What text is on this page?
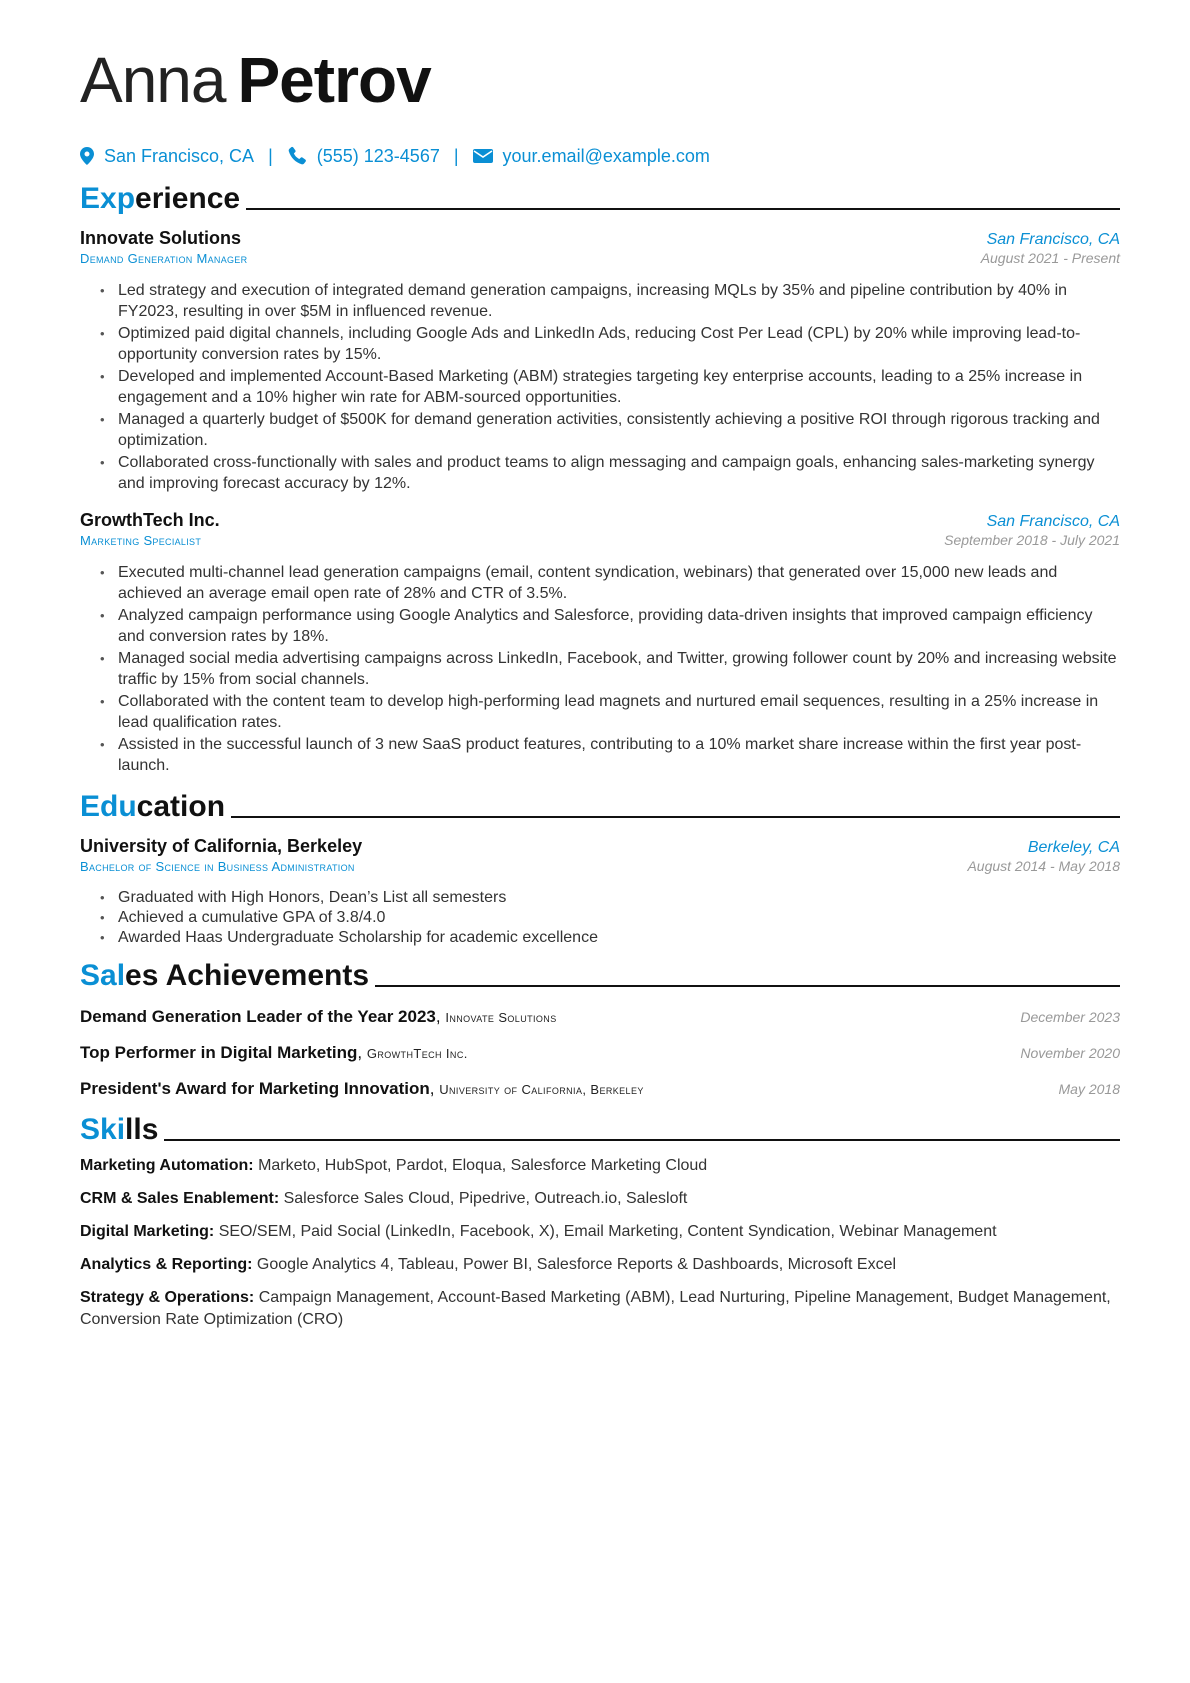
Anna Petrov
San Francisco, CA | (555) 123-4567 | your.email@example.com
Experience
Innovate Solutions	San Francisco, CA
Demand Generation Manager	August 2021 - Present
• Led strategy and execution of integrated demand generation campaigns, increasing MQLs by 35% and pipeline contribution by 40% in FY2023, resulting in over $5M in influenced revenue.
• Optimized paid digital channels, including Google Ads and LinkedIn Ads, reducing Cost Per Lead (CPL) by 20% while improving lead-to-opportunity conversion rates by 15%.
• Developed and implemented Account-Based Marketing (ABM) strategies targeting key enterprise accounts, leading to a 25% increase in engagement and a 10% higher win rate for ABM-sourced opportunities.
• Managed a quarterly budget of $500K for demand generation activities, consistently achieving a positive ROI through rigorous tracking and optimization.
• Collaborated cross-functionally with sales and product teams to align messaging and campaign goals, enhancing sales-marketing synergy and improving forecast accuracy by 12%.
GrowthTech Inc.	San Francisco, CA
Marketing Specialist	September 2018 - July 2021
• Executed multi-channel lead generation campaigns (email, content syndication, webinars) that generated over 15,000 new leads and achieved an average email open rate of 28% and CTR of 3.5%.
• Analyzed campaign performance using Google Analytics and Salesforce, providing data-driven insights that improved campaign efficiency and conversion rates by 18%.
• Managed social media advertising campaigns across LinkedIn, Facebook, and Twitter, growing follower count by 20% and increasing website traffic by 15% from social channels.
• Collaborated with the content team to develop high-performing lead magnets and nurtured email sequences, resulting in a 25% increase in lead qualification rates.
• Assisted in the successful launch of 3 new SaaS product features, contributing to a 10% market share increase within the first year post-launch.
Education
University of California, Berkeley	Berkeley, CA
Bachelor of Science in Business Administration	August 2014 - May 2018
• Graduated with High Honors, Dean’s List all semesters
• Achieved a cumulative GPA of 3.8/4.0
• Awarded Haas Undergraduate Scholarship for academic excellence
Sales Achievements
Demand Generation Leader of the Year 2023, Innovate Solutions	December 2023
Top Performer in Digital Marketing, GrowthTech Inc.	November 2020
President's Award for Marketing Innovation, University of California, Berkeley	May 2018
Skills
Marketing Automation: Marketo, HubSpot, Pardot, Eloqua, Salesforce Marketing Cloud
CRM & Sales Enablement: Salesforce Sales Cloud, Pipedrive, Outreach.io, Salesloft
Digital Marketing: SEO/SEM, Paid Social (LinkedIn, Facebook, X), Email Marketing, Content Syndication, Webinar Management
Analytics & Reporting: Google Analytics 4, Tableau, Power BI, Salesforce Reports & Dashboards, Microsoft Excel
Strategy & Operations: Campaign Management, Account-Based Marketing (ABM), Lead Nurturing, Pipeline Management, Budget Management, Conversion Rate Optimization (CRO)
